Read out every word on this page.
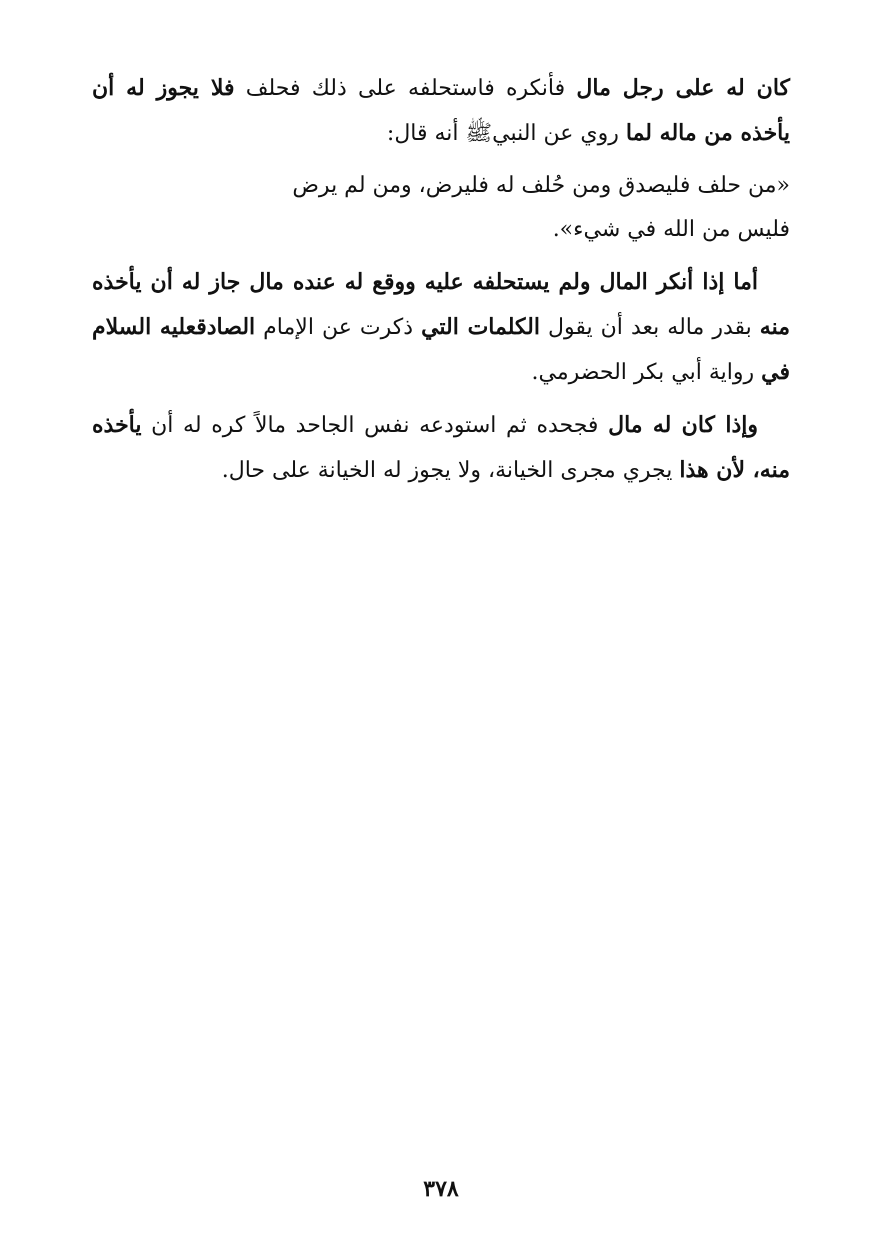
كان له على رجل مال فأنكره فاستحلفه على ذلك فحلف فلا يجوز له أن يأخذه من ماله لما روي عن النبيﷺ أنه قال:

«من حلف فليصدق ومن حُلف له فليرض، ومن لم يرض فليس من الله في شيء».

أما إذا أنكر المال ولم يستحلفه عليه ووقع له عنده مال جاز له أن يأخذه منه بقدر ماله بعد أن يقول الكلمات التي ذكرت عن الإمام الصادقعليه السلام في رواية أبي بكر الحضرمي.

وإذا كان له مال فجحده ثم استودعه نفس الجاحد مالاً كره له أن يأخذه منه، لأن هذا يجري مجرى الخيانة، ولا يجوز له الخيانة على حال.

٣٧٨
